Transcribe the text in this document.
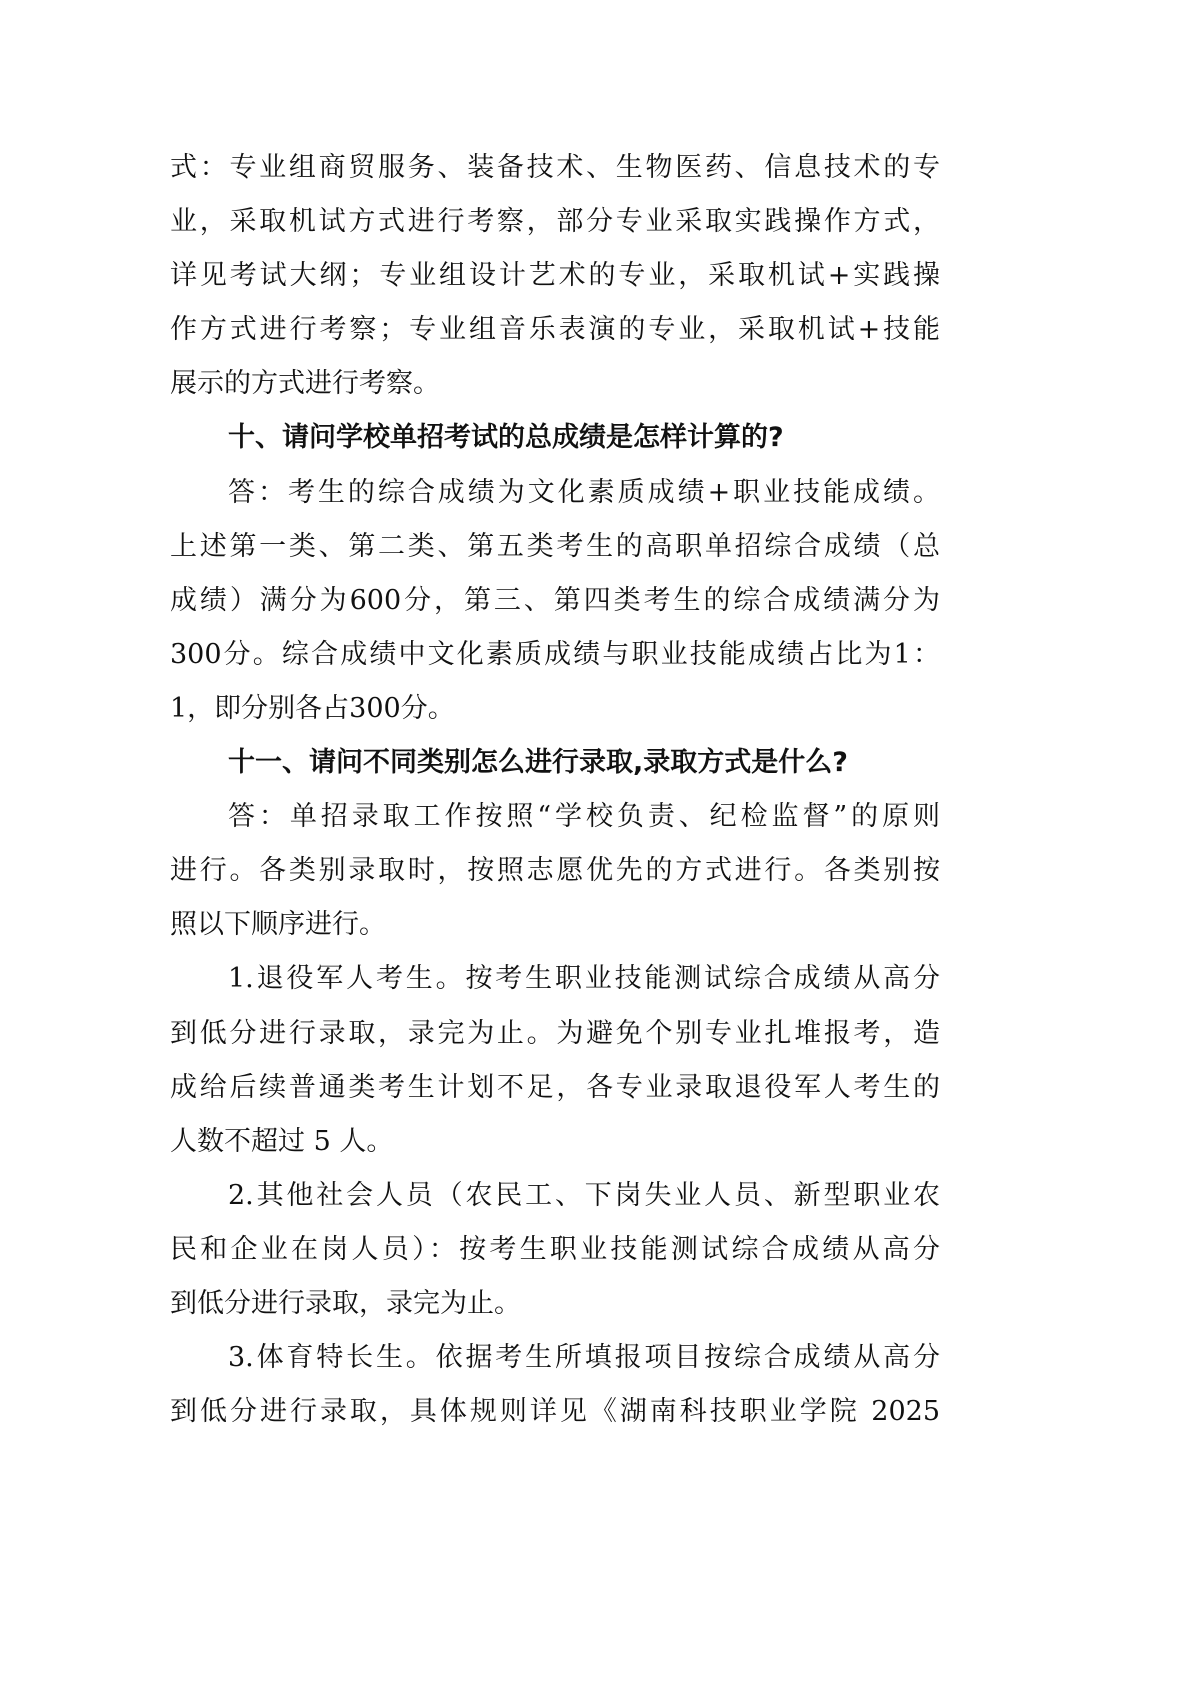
式：专业组商贸服务、装备技术、生物医药、信息技术的专
业，采取机试方式进行考察，部分专业采取实践操作方式，
详见考试大纲；专业组设计艺术的专业，采取机试+实践操
作方式进行考察；专业组音乐表演的专业，采取机试+技能
展示的方式进行考察。
十、请问学校单招考试的总成绩是怎样计算的?
答：考生的综合成绩为文化素质成绩+职业技能成绩。
上述第一类、第二类、第五类考生的高职单招综合成绩（总
成绩）满分为600分，第三、第四类考生的综合成绩满分为
300分。综合成绩中文化素质成绩与职业技能成绩占比为1：
1，即分别各占300分。
十一、请问不同类别怎么进行录取,录取方式是什么?
答：单招录取工作按照“学校负责、纪检监督”的原则
进行。各类别录取时，按照志愿优先的方式进行。各类别按
照以下顺序进行。
1.退役军人考生。按考生职业技能测试综合成绩从高分
到低分进行录取，录完为止。为避免个别专业扎堆报考，造
成给后续普通类考生计划不足，各专业录取退役军人考生的
人数不超过 5 人。
2.其他社会人员（农民工、下岗失业人员、新型职业农
民和企业在岗人员）：按考生职业技能测试综合成绩从高分
到低分进行录取，录完为止。
3.体育特长生。依据考生所填报项目按综合成绩从高分
到低分进行录取，具体规则详见《湖南科技职业学院 2025
